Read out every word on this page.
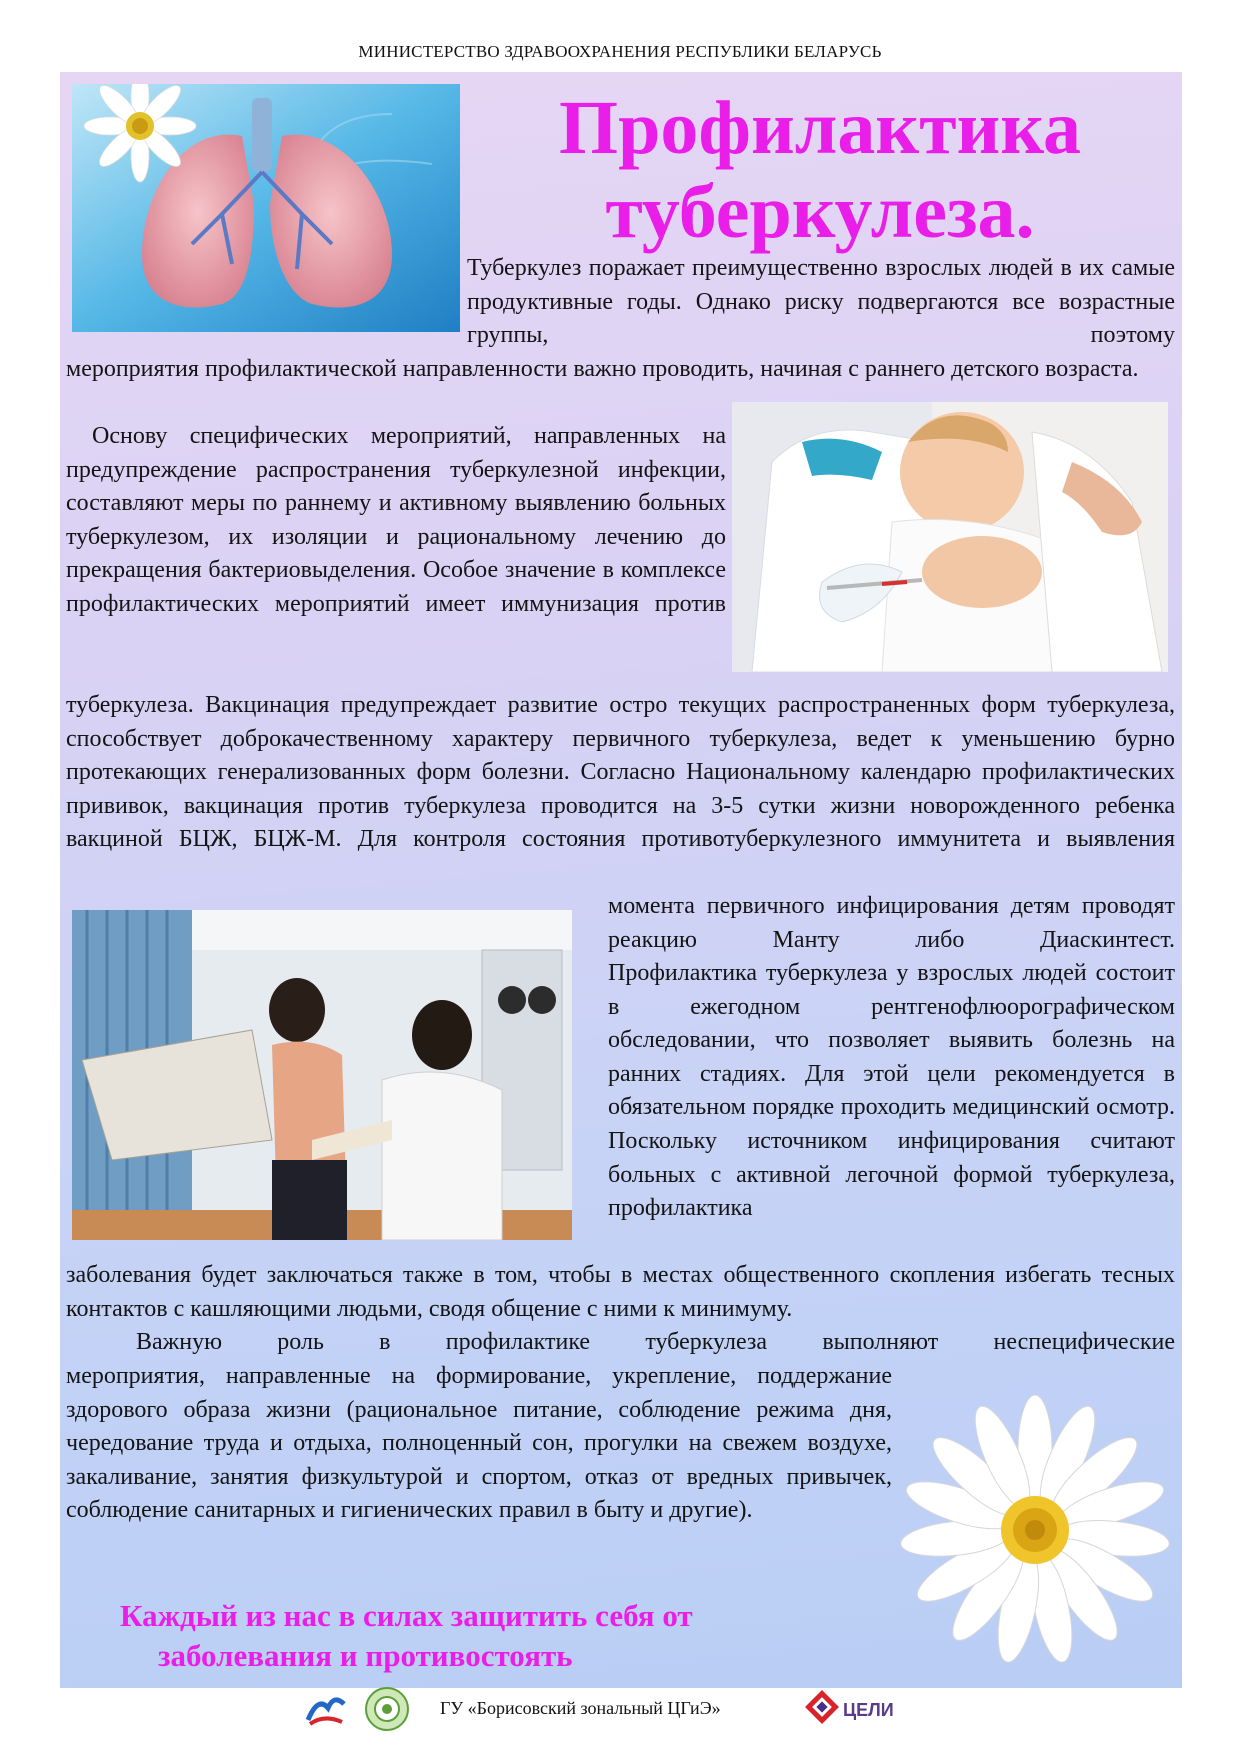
МИНИСТЕРСТВО ЗДРАВООХРАНЕНИЯ РЕСПУБЛИКИ БЕЛАРУСЬ
Профилактика
туберкулеза.
Туберкулез поражает преимущественно взрослых людей в их самые продуктивные годы. Однако риску подвергаются все возрастные группы, поэтому
мероприятия профилактической направленности важно проводить, начиная с раннего детского возраста.
Основу специфических мероприятий, направленных на предупреждение распространения туберкулезной инфекции, составляют меры по раннему и активному выявлению больных туберкулезом, их изоляции и рациональному лечению до прекращения бактериовыделения. Особое значение в комплексе профилактических мероприятий имеет иммунизация против
туберкулеза. Вакцинация предупреждает развитие остро текущих распространенных форм туберкулеза, способствует доброкачественному характеру первичного туберкулеза, ведет к уменьшению бурно протекающих генерализованных форм болезни. Согласно Национальному календарю профилактических прививок, вакцинация против туберкулеза проводится на 3-5 сутки жизни новорожденного ребенка вакциной БЦЖ, БЦЖ-М. Для контроля состояния противотуберкулезного иммунитета и выявления
момента первичного инфицирования детям проводят реакцию Манту либо Диаскинтест.
Профилактика туберкулеза у взрослых людей состоит в ежегодном рентгенофлюорографическом обследовании, что позволяет выявить болезнь на ранних стадиях. Для этой цели рекомендуется в обязательном порядке проходить медицинский осмотр. Поскольку источником инфицирования считают больных с активной легочной формой туберкулеза, профилактика
заболевания будет заключаться также в том, чтобы в местах общественного скопления избегать тесных контактов с кашляющими людьми, сводя общение с ними к минимуму.
Важную роль в профилактике туберкулеза выполняют неспецифические
мероприятия, направленные на формирование, укрепление, поддержание здорового образа жизни (рациональное питание, соблюдение режима дня, чередование труда и отдыха, полноценный сон, прогулки на свежем воздухе, закаливание, занятия физкультурой и спортом, отказ от вредных привычек, соблюдение санитарных и гигиенических правил в быту и другие).
Каждый из нас в силах защитить себя от
заболевания и противостоять
ГУ «Борисовский зональный ЦГиЭ»	ЦЕЛИ
